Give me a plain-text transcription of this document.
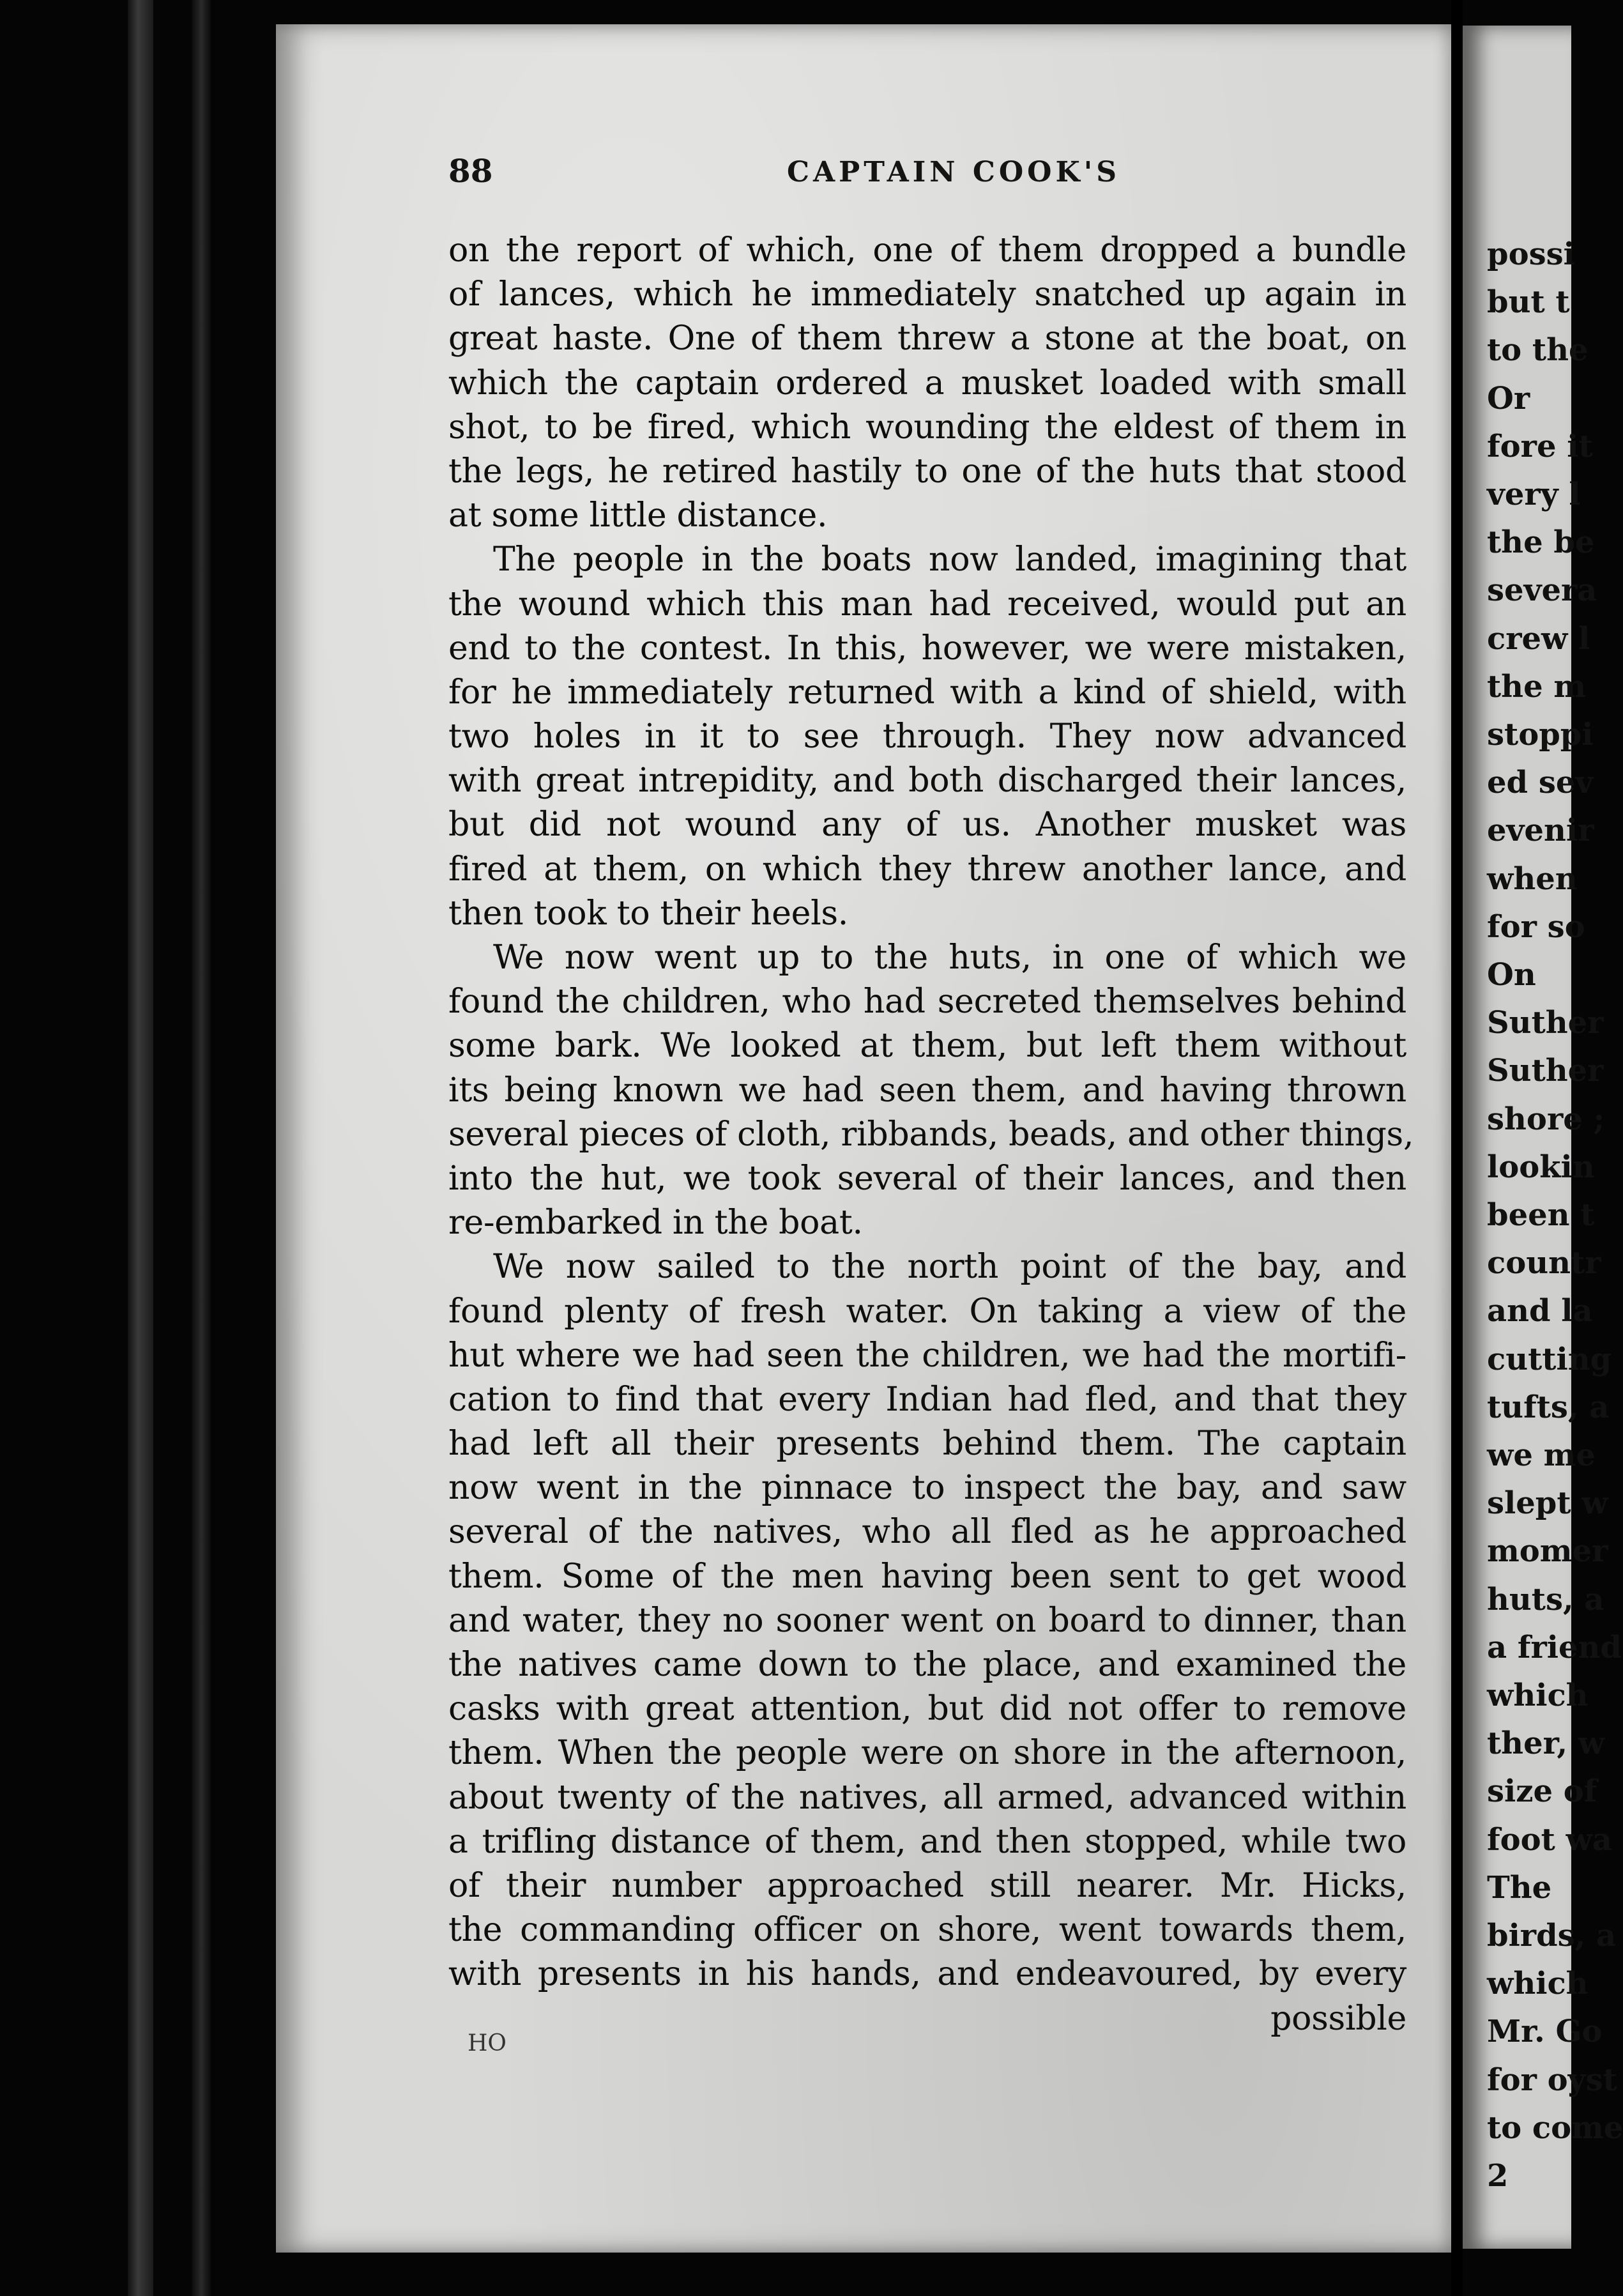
88	CAPTAIN COOK'S
on the report of which, one of them dropped a bundle
of lances, which he immediately snatched up again in
great haste. One of them threw a stone at the boat, on
which the captain ordered a musket loaded with small
shot, to be fired, which wounding the eldest of them in
the legs, he retired hastily to one of the huts that stood
at some little distance.
The people in the boats now landed, imagining that
the wound which this man had received, would put an
end to the contest. In this, however, we were mistaken,
for he immediately returned with a kind of shield, with
two holes in it to see through. They now advanced
with great intrepidity, and both discharged their lances,
but did not wound any of us. Another musket was
fired at them, on which they threw another lance, and
then took to their heels.
We now went up to the huts, in one of which we
found the children, who had secreted themselves behind
some bark. We looked at them, but left them without
its being known we had seen them, and having thrown
several pieces of cloth, ribbands, beads, and other things,
into the hut, we took several of their lances, and then
re-embarked in the boat.
We now sailed to the north point of the bay, and
found plenty of fresh water. On taking a view of the
hut where we had seen the children, we had the mortifi-
cation to find that every Indian had fled, and that they
had left all their presents behind them. The captain
now went in the pinnace to inspect the bay, and saw
several of the natives, who all fled as he approached
them. Some of the men having been sent to get wood
and water, they no sooner went on board to dinner, than
the natives came down to the place, and examined the
casks with great attention, but did not offer to remove
them. When the people were on shore in the afternoon,
about twenty of the natives, all armed, advanced within
a trifling distance of them, and then stopped, while two
of their number approached still nearer. Mr. Hicks,
the commanding officer on shore, went towards them,
with presents in his hands, and endeavoured, by every
possible
HO
possi
but t
to the
Or
fore it
very l
the be
severa
crew l
the m
stoppi
ed sev
evenir
when
for so
On
Suther
Suther
shore ;
lookin
been t
countr
and la
cutting
tufts, a
we me
slept w
momer
huts, a
a friend
which
ther, w
size of
foot wa
The
birds, a
which
Mr. Go
for oyst
to come
2
